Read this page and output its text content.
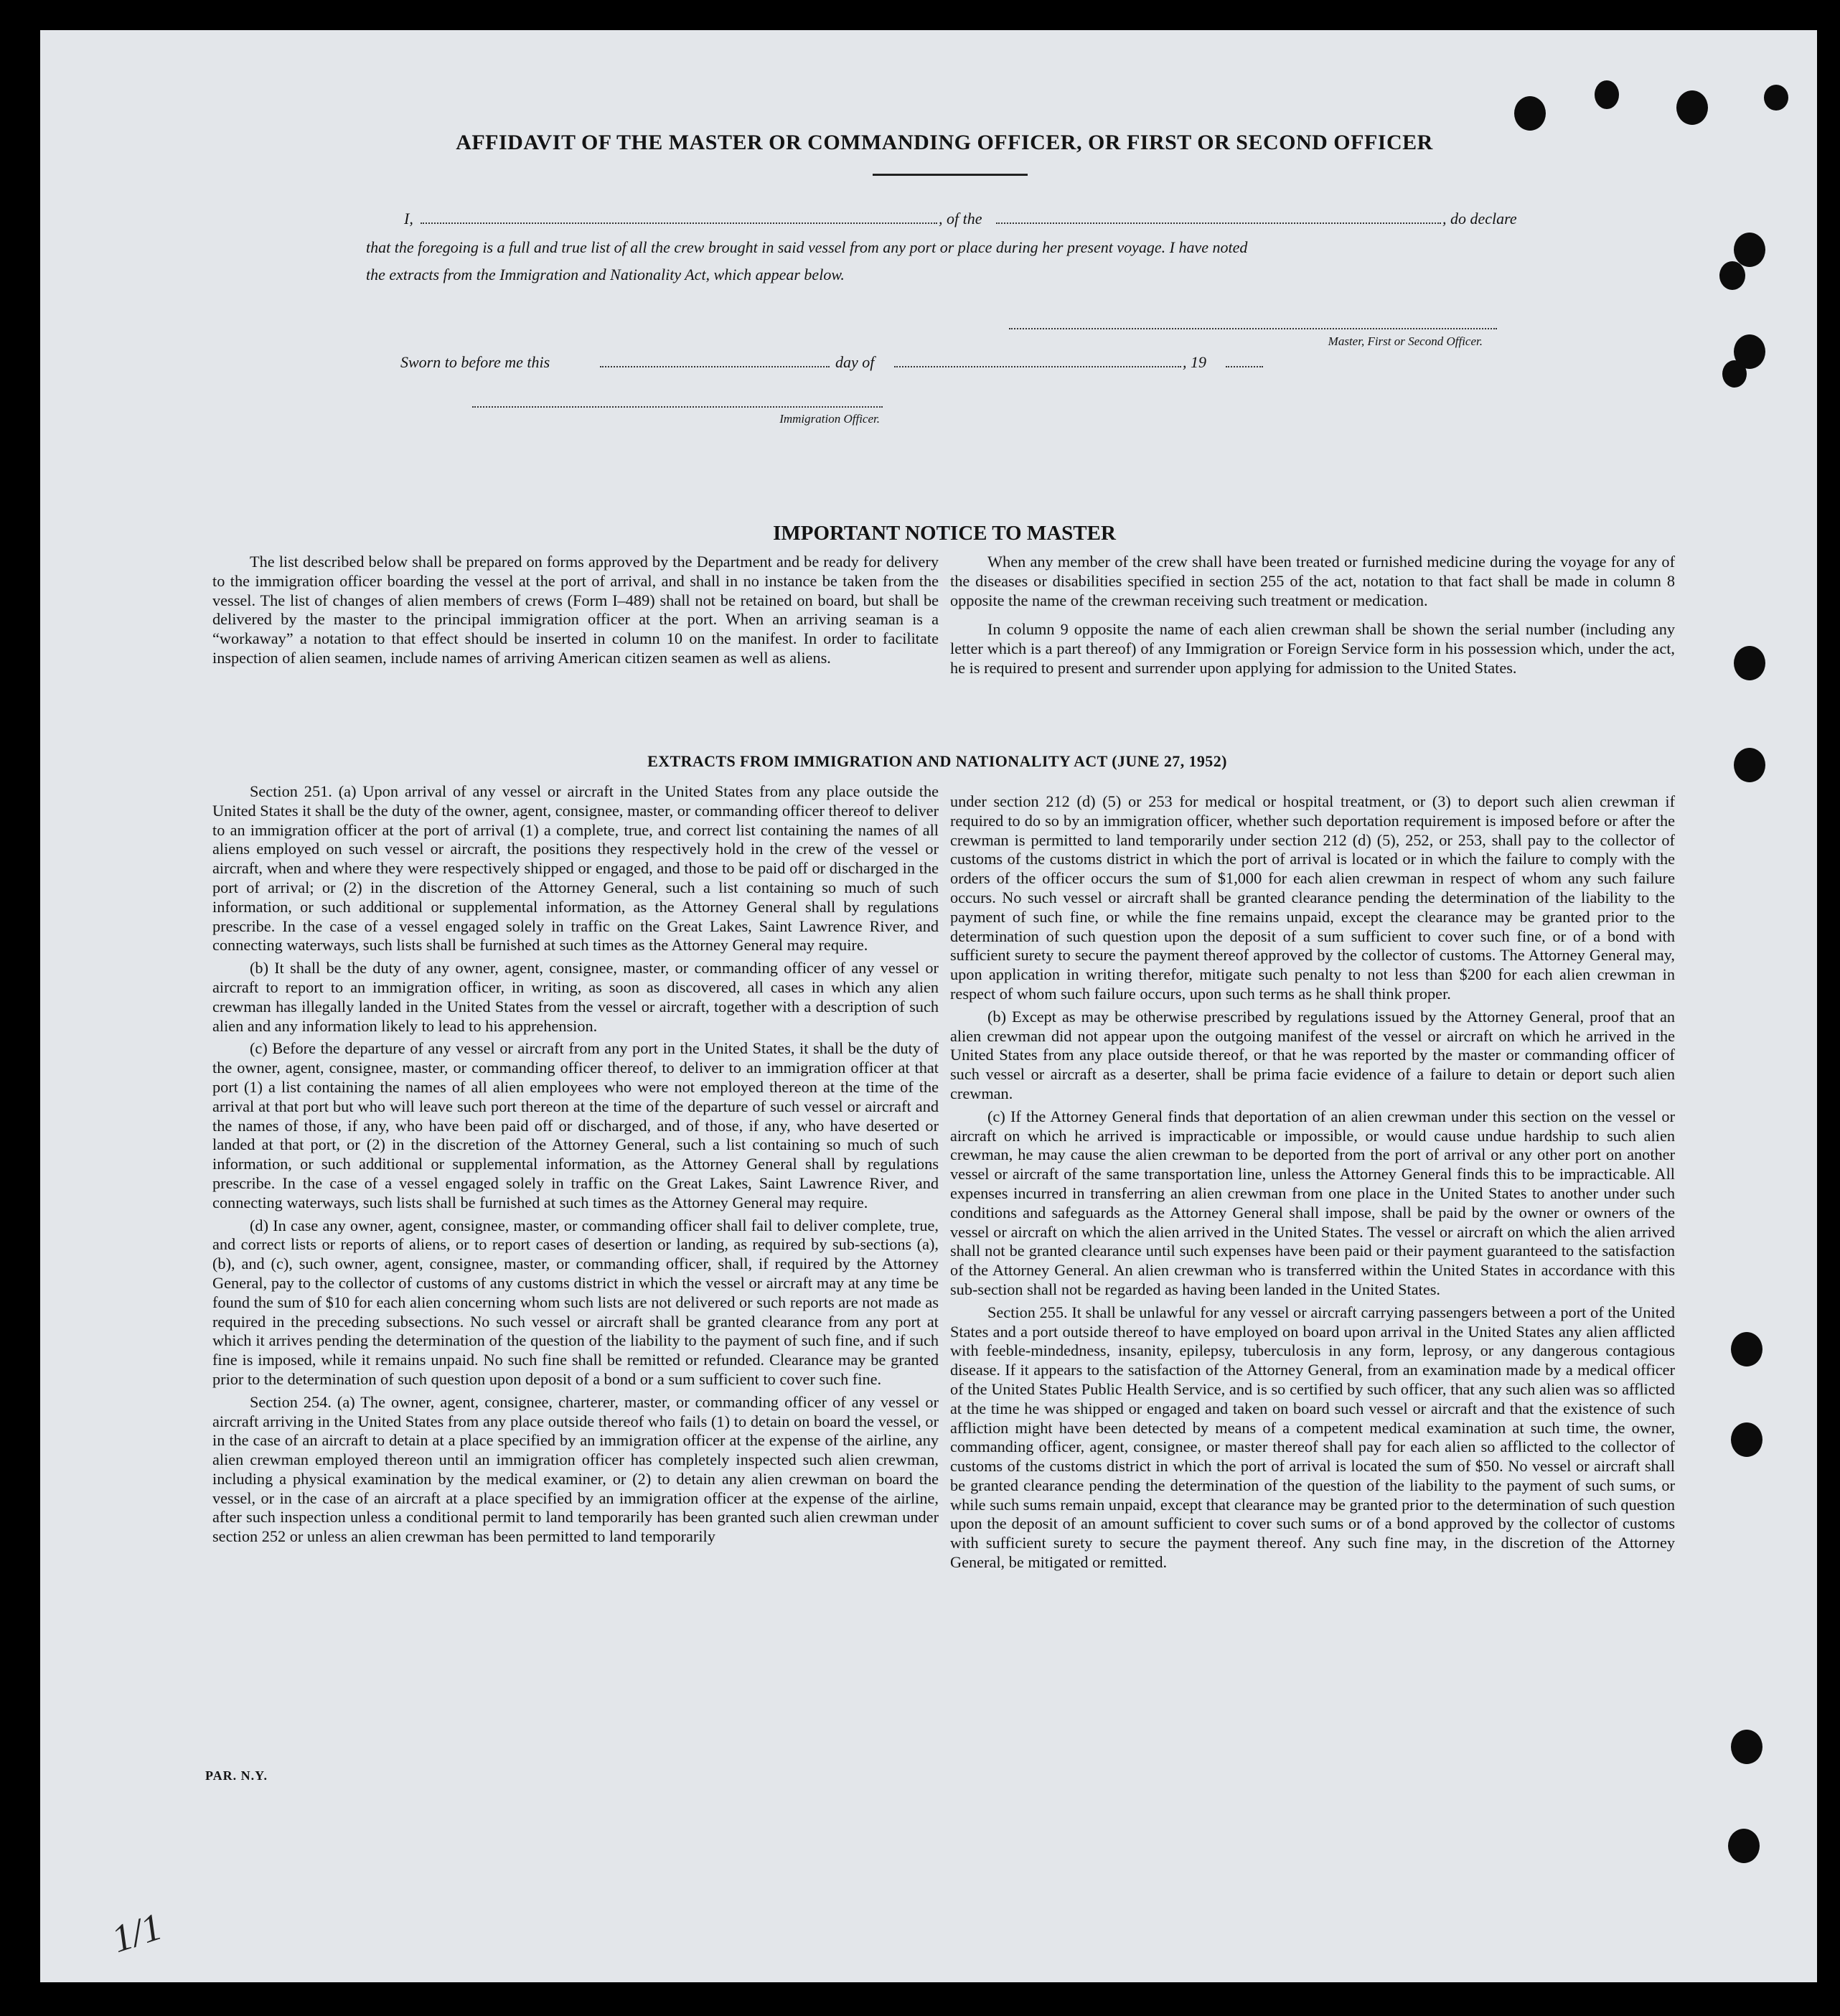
AFFIDAVIT OF THE MASTER OR COMMANDING OFFICER, OR FIRST OR SECOND OFFICER
I,	, of the	, do declare
that the foregoing is a full and true list of all the crew brought in said vessel from any port or place during her present voyage. I have noted
the extracts from the Immigration and Nationality Act, which appear below.
Master, First or Second Officer.
Sworn to before me this	day of	, 19
Immigration Officer.
IMPORTANT NOTICE TO MASTER

The list described below shall be prepared on forms approved by the Department and be ready for delivery to the immigration officer boarding the vessel at the port of arrival, and shall in no instance be taken from the vessel. The list of changes of alien members of crews (Form I–489) shall not be retained on board, but shall be delivered by the master to the principal immigration officer at the port. When an arriving seaman is a “workaway” a notation to that effect should be inserted in column 10 on the manifest. In order to facilitate inspection of alien seamen, include names of arriving American citizen seamen as well as aliens.

When any member of the crew shall have been treated or furnished medicine during the voyage for any of the diseases or disabilities specified in section 255 of the act, notation to that fact shall be made in column 8 opposite the name of the crewman receiving such treatment or medication.

In column 9 opposite the name of each alien crewman shall be shown the serial number (including any letter which is a part thereof) of any Immigration or Foreign Service form in his possession which, under the act, he is required to present and surrender upon applying for admission to the United States.

EXTRACTS FROM IMMIGRATION AND NATIONALITY ACT (JUNE 27, 1952)

Section 251. (a) Upon arrival of any vessel or aircraft in the United States from any place outside the United States it shall be the duty of the owner, agent, consignee, master, or commanding officer thereof to deliver to an immigration officer at the port of arrival (1) a complete, true, and correct list containing the names of all aliens employed on such vessel or aircraft, the positions they respectively hold in the crew of the vessel or aircraft, when and where they were respectively shipped or engaged, and those to be paid off or discharged in the port of arrival; or (2) in the discretion of the Attorney General, such a list containing so much of such information, or such additional or supplemental information, as the Attorney General shall by regulations prescribe. In the case of a vessel engaged solely in traffic on the Great Lakes, Saint Lawrence River, and connecting waterways, such lists shall be furnished at such times as the Attorney General may require.

(b) It shall be the duty of any owner, agent, consignee, master, or commanding officer of any vessel or aircraft to report to an immigration officer, in writing, as soon as discovered, all cases in which any alien crewman has illegally landed in the United States from the vessel or aircraft, together with a description of such alien and any information likely to lead to his apprehension.

(c) Before the departure of any vessel or aircraft from any port in the United States, it shall be the duty of the owner, agent, consignee, master, or commanding officer thereof, to deliver to an immigration officer at that port (1) a list containing the names of all alien employees who were not employed thereon at the time of the arrival at that port but who will leave such port thereon at the time of the departure of such vessel or aircraft and the names of those, if any, who have been paid off or discharged, and of those, if any, who have deserted or landed at that port, or (2) in the discretion of the Attorney General, such a list containing so much of such information, or such additional or supplemental information, as the Attorney General shall by regulations prescribe. In the case of a vessel engaged solely in traffic on the Great Lakes, Saint Lawrence River, and connecting waterways, such lists shall be furnished at such times as the Attorney General may require.

(d) In case any owner, agent, consignee, master, or commanding officer shall fail to deliver complete, true, and correct lists or reports of aliens, or to report cases of desertion or landing, as required by sub-sections (a), (b), and (c), such owner, agent, consignee, master, or commanding officer, shall, if required by the Attorney General, pay to the collector of customs of any customs district in which the vessel or aircraft may at any time be found the sum of $10 for each alien concerning whom such lists are not delivered or such reports are not made as required in the preceding subsections. No such vessel or aircraft shall be granted clearance from any port at which it arrives pending the determination of the question of the liability to the payment of such fine, and if such fine is imposed, while it remains unpaid. No such fine shall be remitted or refunded. Clearance may be granted prior to the determination of such question upon deposit of a bond or a sum sufficient to cover such fine.

Section 254. (a) The owner, agent, consignee, charterer, master, or commanding officer of any vessel or aircraft arriving in the United States from any place outside thereof who fails (1) to detain on board the vessel, or in the case of an aircraft to detain at a place specified by an immigration officer at the expense of the airline, any alien crewman employed thereon until an immigration officer has completely inspected such alien crewman, including a physical examination by the medical examiner, or (2) to detain any alien crewman on board the vessel, or in the case of an aircraft at a place specified by an immigration officer at the expense of the airline, after such inspection unless a conditional permit to land temporarily has been granted such alien crewman under section 252 or unless an alien crewman has been permitted to land temporarily

under section 212 (d) (5) or 253 for medical or hospital treatment, or (3) to deport such alien crewman if required to do so by an immigration officer, whether such deportation requirement is imposed before or after the crewman is permitted to land temporarily under section 212 (d) (5), 252, or 253, shall pay to the collector of customs of the customs district in which the port of arrival is located or in which the failure to comply with the orders of the officer occurs the sum of $1,000 for each alien crewman in respect of whom any such failure occurs. No such vessel or aircraft shall be granted clearance pending the determination of the liability to the payment of such fine, or while the fine remains unpaid, except the clearance may be granted prior to the determination of such question upon the deposit of a sum sufficient to cover such fine, or of a bond with sufficient surety to secure the payment thereof approved by the collector of customs. The Attorney General may, upon application in writing therefor, mitigate such penalty to not less than $200 for each alien crewman in respect of whom such failure occurs, upon such terms as he shall think proper.

(b) Except as may be otherwise prescribed by regulations issued by the Attorney General, proof that an alien crewman did not appear upon the outgoing manifest of the vessel or aircraft on which he arrived in the United States from any place outside thereof, or that he was reported by the master or commanding officer of such vessel or aircraft as a deserter, shall be prima facie evidence of a failure to detain or deport such alien crewman.

(c) If the Attorney General finds that deportation of an alien crewman under this section on the vessel or aircraft on which he arrived is impracticable or impossible, or would cause undue hardship to such alien crewman, he may cause the alien crewman to be deported from the port of arrival or any other port on another vessel or aircraft of the same transportation line, unless the Attorney General finds this to be impracticable. All expenses incurred in transferring an alien crewman from one place in the United States to another under such conditions and safeguards as the Attorney General shall impose, shall be paid by the owner or owners of the vessel or aircraft on which the alien arrived in the United States. The vessel or aircraft on which the alien arrived shall not be granted clearance until such expenses have been paid or their payment guaranteed to the satisfaction of the Attorney General. An alien crewman who is transferred within the United States in accordance with this sub-section shall not be regarded as having been landed in the United States.

Section 255. It shall be unlawful for any vessel or aircraft carrying passengers between a port of the United States and a port outside thereof to have employed on board upon arrival in the United States any alien afflicted with feeble-mindedness, insanity, epilepsy, tuberculosis in any form, leprosy, or any dangerous contagious disease. If it appears to the satisfaction of the Attorney General, from an examination made by a medical officer of the United States Public Health Service, and is so certified by such officer, that any such alien was so afflicted at the time he was shipped or engaged and taken on board such vessel or aircraft and that the existence of such affliction might have been detected by means of a competent medical examination at such time, the owner, commanding officer, agent, consignee, or master thereof shall pay for each alien so afflicted to the collector of customs of the customs district in which the port of arrival is located the sum of $50. No vessel or aircraft shall be granted clearance pending the determination of the question of the liability to the payment of such sums, or while such sums remain unpaid, except that clearance may be granted prior to the determination of such question upon the deposit of an amount sufficient to cover such sums or of a bond approved by the collector of customs with sufficient surety to secure the payment thereof. Any such fine may, in the discretion of the Attorney General, be mitigated or remitted.

PAR. N.Y.
1/1
